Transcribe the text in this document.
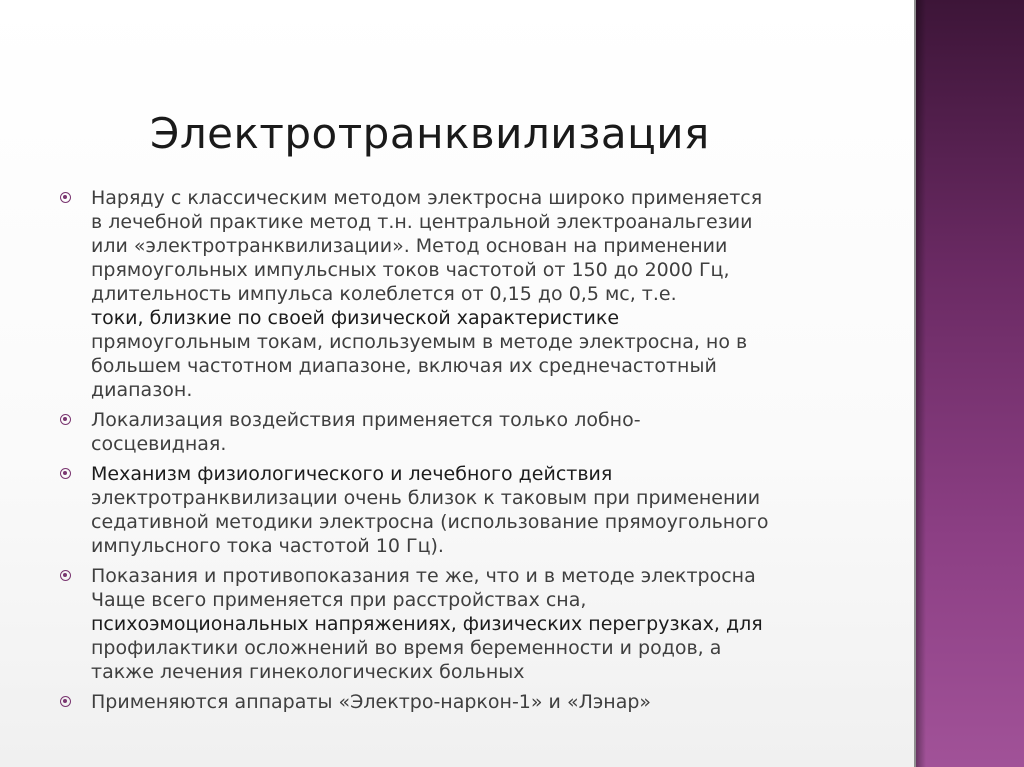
Электротранквилизация
Наряду с классическим методом электросна широко применяется
в лечебной практике метод т.н. центральной электроанальгезии
или «электротранквилизации». Метод основан на применении
прямоугольных импульсных токов частотой от 150 до 2000 Гц,
длительность импульса колеблется от 0,15 до 0,5 мс, т.е.
токи, близкие по своей физической характеристике
прямоугольным токам, используемым в методе электросна, но в
большем частотном диапазоне, включая их среднечастотный
диапазон.
Локализация воздействия применяется только лобно-
сосцевидная.
Механизм физиологического и лечебного действия
электротранквилизации очень близок к таковым при применении
седативной методики электросна (использование прямоугольного
импульсного тока частотой 10 Гц).
Показания и противопоказания те же, что и в методе электросна
Чаще всего применяется при расстройствах сна,
психоэмоциональных напряжениях, физических перегрузках, для
профилактики осложнений во время беременности и родов, а
также лечения гинекологических больных
Применяются аппараты «Электро-наркон-1» и «Лэнар»
